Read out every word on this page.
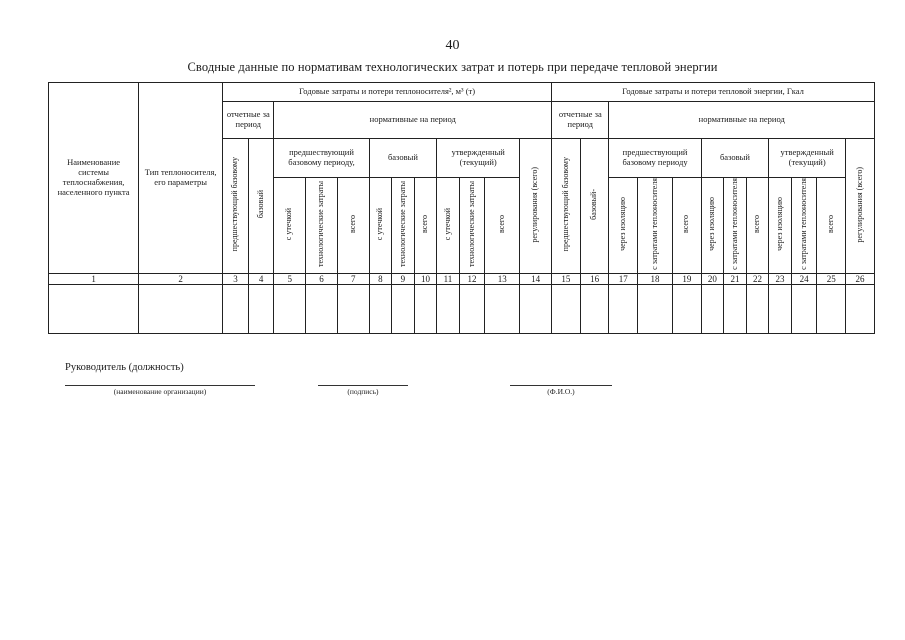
40
Сводные данные по нормативам технологических затрат и потерь при передаче тепловой энергии
Наименование системы теплоснабжения, населенного пункта	Тип теплоносителя, его параметры	Годовые затраты и потери теплоносителя², м³ (т)												Годовые затраты и потери тепловой энергии, Гкал											
		отчетные за период		нормативные на период										отчетные за период		нормативные на период									
		предшествующий базовому	базовый	предшествующий базовому периоду,			базовый			утвержденный (текущий)			регулирования (всего)	предшествующий базовому	базовый-	предшествующий базовому периоду			базовый			утвержденный (текущий)			регулирования (всего)
				с утечкой	технологические затраты	всего	с утечкой	технологические затраты	всего	с утечкой	технологические затраты	всего				через изоляцию	с затратами теплоносителя	всего	через изоляцию	с затратами теплоносителя	всего	через изоляцию	с затратами теплоносителя	всего	
1	2	3	4	5	6	7	8	9	10	11	12	13	14	15	16	17	18	19	20	21	22	23	24	25	26

Руководитель (должность)
(наименование организации)	(подпись)	(Ф.И.О.)
